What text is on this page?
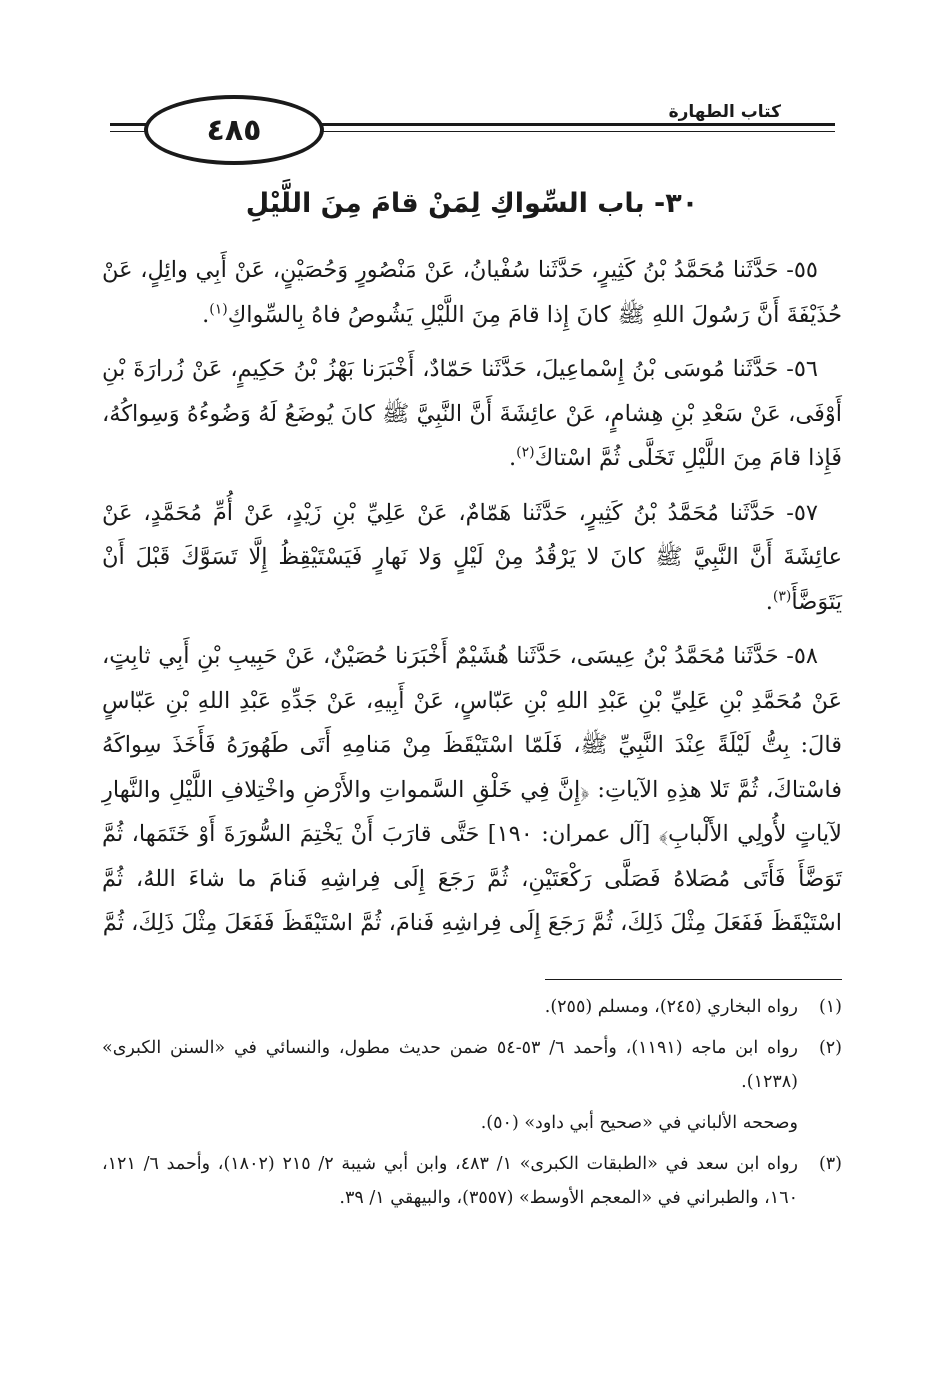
٤٨٥
كتاب الطهارة
٣٠- باب السِّواكِ لِمَنْ قامَ مِنَ اللَّيْلِ

٥٥- حَدَّثَنا مُحَمَّدُ بْنُ كَثِيرٍ، حَدَّثَنا سُفْيانُ، عَنْ مَنْصُورٍ وَحُصَيْنٍ، عَنْ أَبِي وائِلٍ، عَنْ حُذَيْفَةَ أَنَّ رَسُولَ اللهِ ﷺ كانَ إِذا قامَ مِنَ اللَّيْلِ يَشُوصُ فاهُ بِالسِّواكِ$^{(١)}$.

٥٦- حَدَّثَنا مُوسَى بْنُ إِسْماعِيلَ، حَدَّثَنا حَمّادٌ، أَخْبَرَنا بَهْزُ بْنُ حَكِيمٍ، عَنْ زُرارَةَ بْنِ أَوْفَى، عَنْ سَعْدِ بْنِ هِشامٍ، عَنْ عائِشَةَ أَنَّ النَّبِيَّ ﷺ كانَ يُوضَعُ لَهُ وَضُوءُهُ وَسِواكُهُ، فَإِذا قامَ مِنَ اللَّيْلِ تَخَلَّى ثُمَّ اسْتاكَ$^{(٢)}$.

٥٧- حَدَّثَنا مُحَمَّدُ بْنُ كَثِيرٍ، حَدَّثَنا هَمّامٌ، عَنْ عَلِيِّ بْنِ زَيْدٍ، عَنْ أُمِّ مُحَمَّدٍ، عَنْ عائِشَةَ أَنَّ النَّبِيَّ ﷺ كانَ لا يَرْقُدُ مِنْ لَيْلٍ وَلا نَهارٍ فَيَسْتَيْقِظُ إِلَّا تَسَوَّكَ قَبْلَ أَنْ يَتَوَضَّأَ$^{(٣)}$.

٥٨- حَدَّثَنا مُحَمَّدُ بْنُ عِيسَى، حَدَّثَنا هُشَيْمٌ أَخْبَرَنا حُصَيْنٌ، عَنْ حَبِيبِ بْنِ أَبِي ثابِتٍ، عَنْ مُحَمَّدِ بْنِ عَلِيِّ بْنِ عَبْدِ اللهِ بْنِ عَبّاسٍ، عَنْ أَبِيهِ، عَنْ جَدِّهِ عَبْدِ اللهِ بْنِ عَبّاسٍ قالَ: بِتُّ لَيْلَةً عِنْدَ النَّبِيِّ ﷺ، فَلَمّا اسْتَيْقَظَ مِنْ مَنامِهِ أَتَى طَهُورَهُ فَأَخَذَ سِواكَهُ فاسْتاكَ، ثُمَّ تَلا هذِهِ الآياتِ: ﴿إِنَّ فِي خَلْقِ السَّمواتِ والأَرْضِ واخْتِلافِ اللَّيْلِ والنَّهارِ لآياتٍ لأُولِي الأَلْبابِ﴾ [آل عمران: ١٩٠] حَتَّى قارَبَ أَنْ يَخْتِمَ السُّورَةَ أَوْ خَتَمَها، ثُمَّ تَوَضَّأَ فَأَتَى مُصَلاهُ فَصَلَّى رَكْعَتَيْنِ، ثُمَّ رَجَعَ إِلَى فِراشِهِ فَنامَ ما شاءَ اللهُ، ثُمَّ اسْتَيْقَظَ فَفَعَلَ مِثْلَ ذَلِكَ، ثُمَّ رَجَعَ إِلَى فِراشِهِ فَنامَ، ثُمَّ اسْتَيْقَظَ فَفَعَلَ مِثْلَ ذَلِكَ، ثُمَّ

(١)
رواه البخاري (٢٤٥)، ومسلم (٢٥٥).
(٢)
رواه ابن ماجه (١١٩١)، وأحمد ٦/ ٥٣-٥٤ ضمن حديث مطول، والنسائي في «السنن الكبرى» (١٢٣٨).
وصححه الألباني في «صحيح أبي داود» (٥٠).
(٣)
رواه ابن سعد في «الطبقات الكبرى» ١/ ٤٨٣، وابن أبي شيبة ٢/ ٢١٥ (١٨٠٢)، وأحمد ٦/ ١٢١، ١٦٠، والطبراني في «المعجم الأوسط» (٣٥٥٧)، والبيهقي ١/ ٣٩.
